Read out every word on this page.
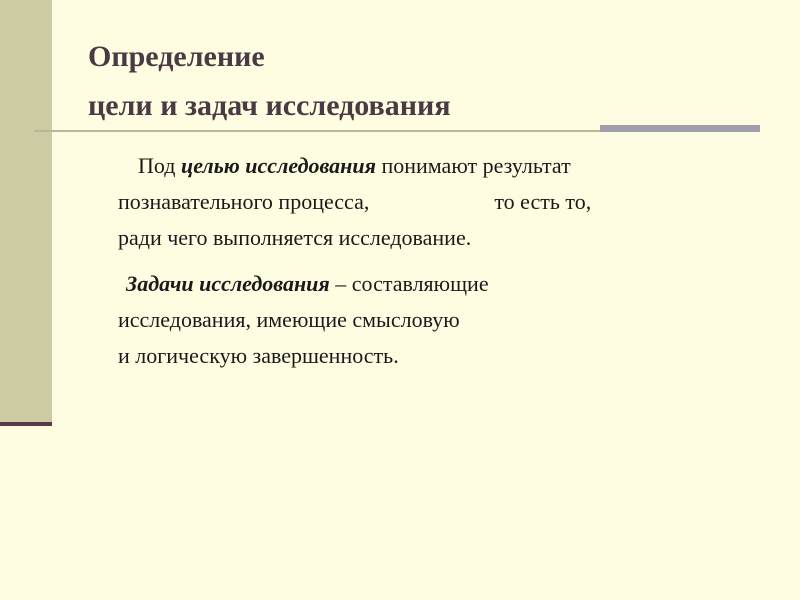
Определение
цели и задач исследования

Под целью исследования понимают результат
познавательного процесса,	то есть то,
ради чего выполняется исследование.

Задачи исследования – составляющие
исследования, имеющие смысловую
и логическую завершенность.
